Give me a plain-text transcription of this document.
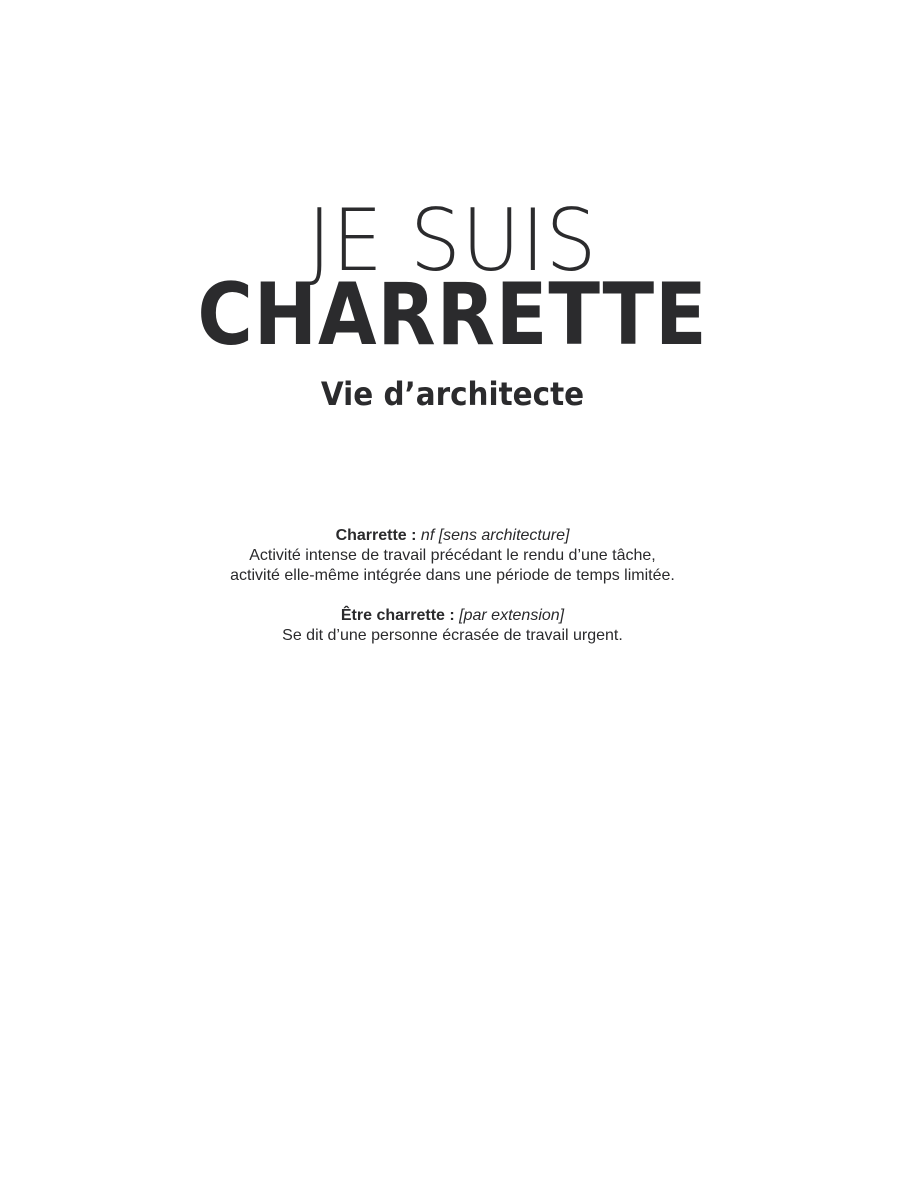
JE SUIS
CHARRETTE
Vie d’architecte
Charrette : nf [sens architecture]
Activité intense de travail précédant le rendu d’une tâche,
activité elle-même intégrée dans une période de temps limitée.
Être charrette : [par extension]
Se dit d’une personne écrasée de travail urgent.
